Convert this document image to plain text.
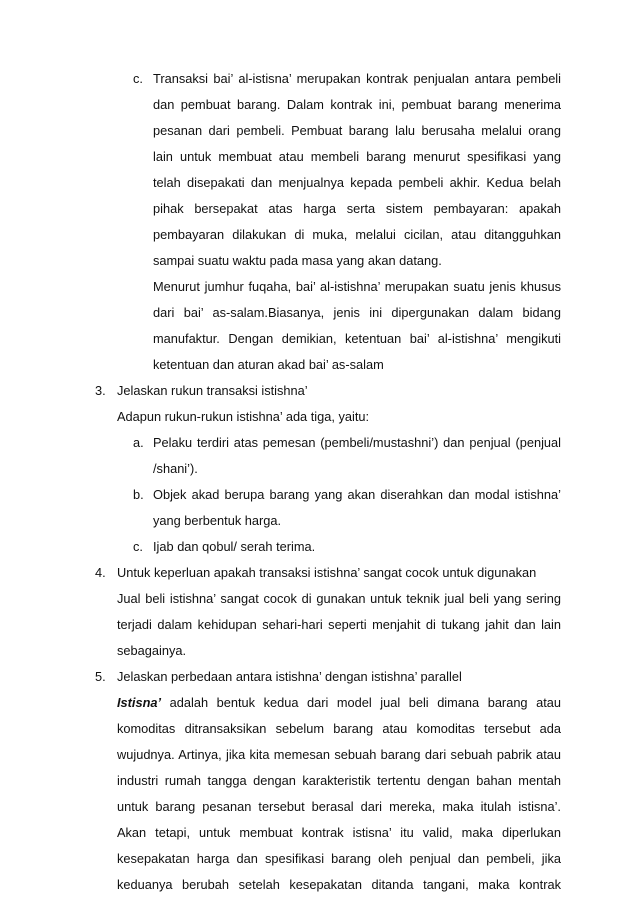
c. Transaksi bai’ al-istisna’ merupakan kontrak penjualan antara pembeli
dan pembuat barang. Dalam kontrak ini, pembuat barang menerima
pesanan dari pembeli. Pembuat barang lalu berusaha melalui orang
lain untuk membuat atau membeli barang menurut spesifikasi yang
telah disepakati dan menjualnya kepada pembeli akhir. Kedua belah
pihak bersepakat atas harga serta sistem pembayaran: apakah
pembayaran dilakukan di muka, melalui cicilan, atau ditangguhkan
sampai suatu waktu pada masa yang akan datang.
Menurut jumhur fuqaha, bai’ al-istishna’ merupakan suatu jenis khusus
dari bai’ as-salam.Biasanya, jenis ini dipergunakan dalam bidang
manufaktur. Dengan demikian, ketentuan bai’ al-istishna’ mengikuti
ketentuan dan aturan akad bai’ as-salam
3. Jelaskan rukun transaksi istishna’
Adapun rukun-rukun istishna’ ada tiga, yaitu:
a. Pelaku terdiri atas pemesan (pembeli/mustashni’) dan penjual (penjual
/shani’).
b. Objek akad berupa barang yang akan diserahkan dan modal istishna’
yang berbentuk harga.
c. Ijab dan qobul/ serah terima.
4. Untuk keperluan apakah transaksi istishna’ sangat cocok untuk digunakan
Jual beli istishna’ sangat cocok di gunakan untuk teknik jual beli yang sering
terjadi dalam kehidupan sehari-hari seperti menjahit di tukang jahit dan lain
sebagainya.
5. Jelaskan perbedaan antara istishna’ dengan istishna’ parallel
Istisna’ adalah bentuk kedua dari model jual beli dimana barang atau
komoditas ditransaksikan sebelum barang atau komoditas tersebut ada
wujudnya. Artinya, jika kita memesan sebuah barang dari sebuah pabrik atau
industri rumah tangga dengan karakteristik tertentu dengan bahan mentah
untuk barang pesanan tersebut berasal dari mereka, maka itulah istisna’.
Akan tetapi, untuk membuat kontrak istisna’ itu valid, maka diperlukan
kesepakatan harga dan spesifikasi barang oleh penjual dan pembeli, jika
keduanya berubah setelah kesepakatan ditanda tangani, maka kontrak
